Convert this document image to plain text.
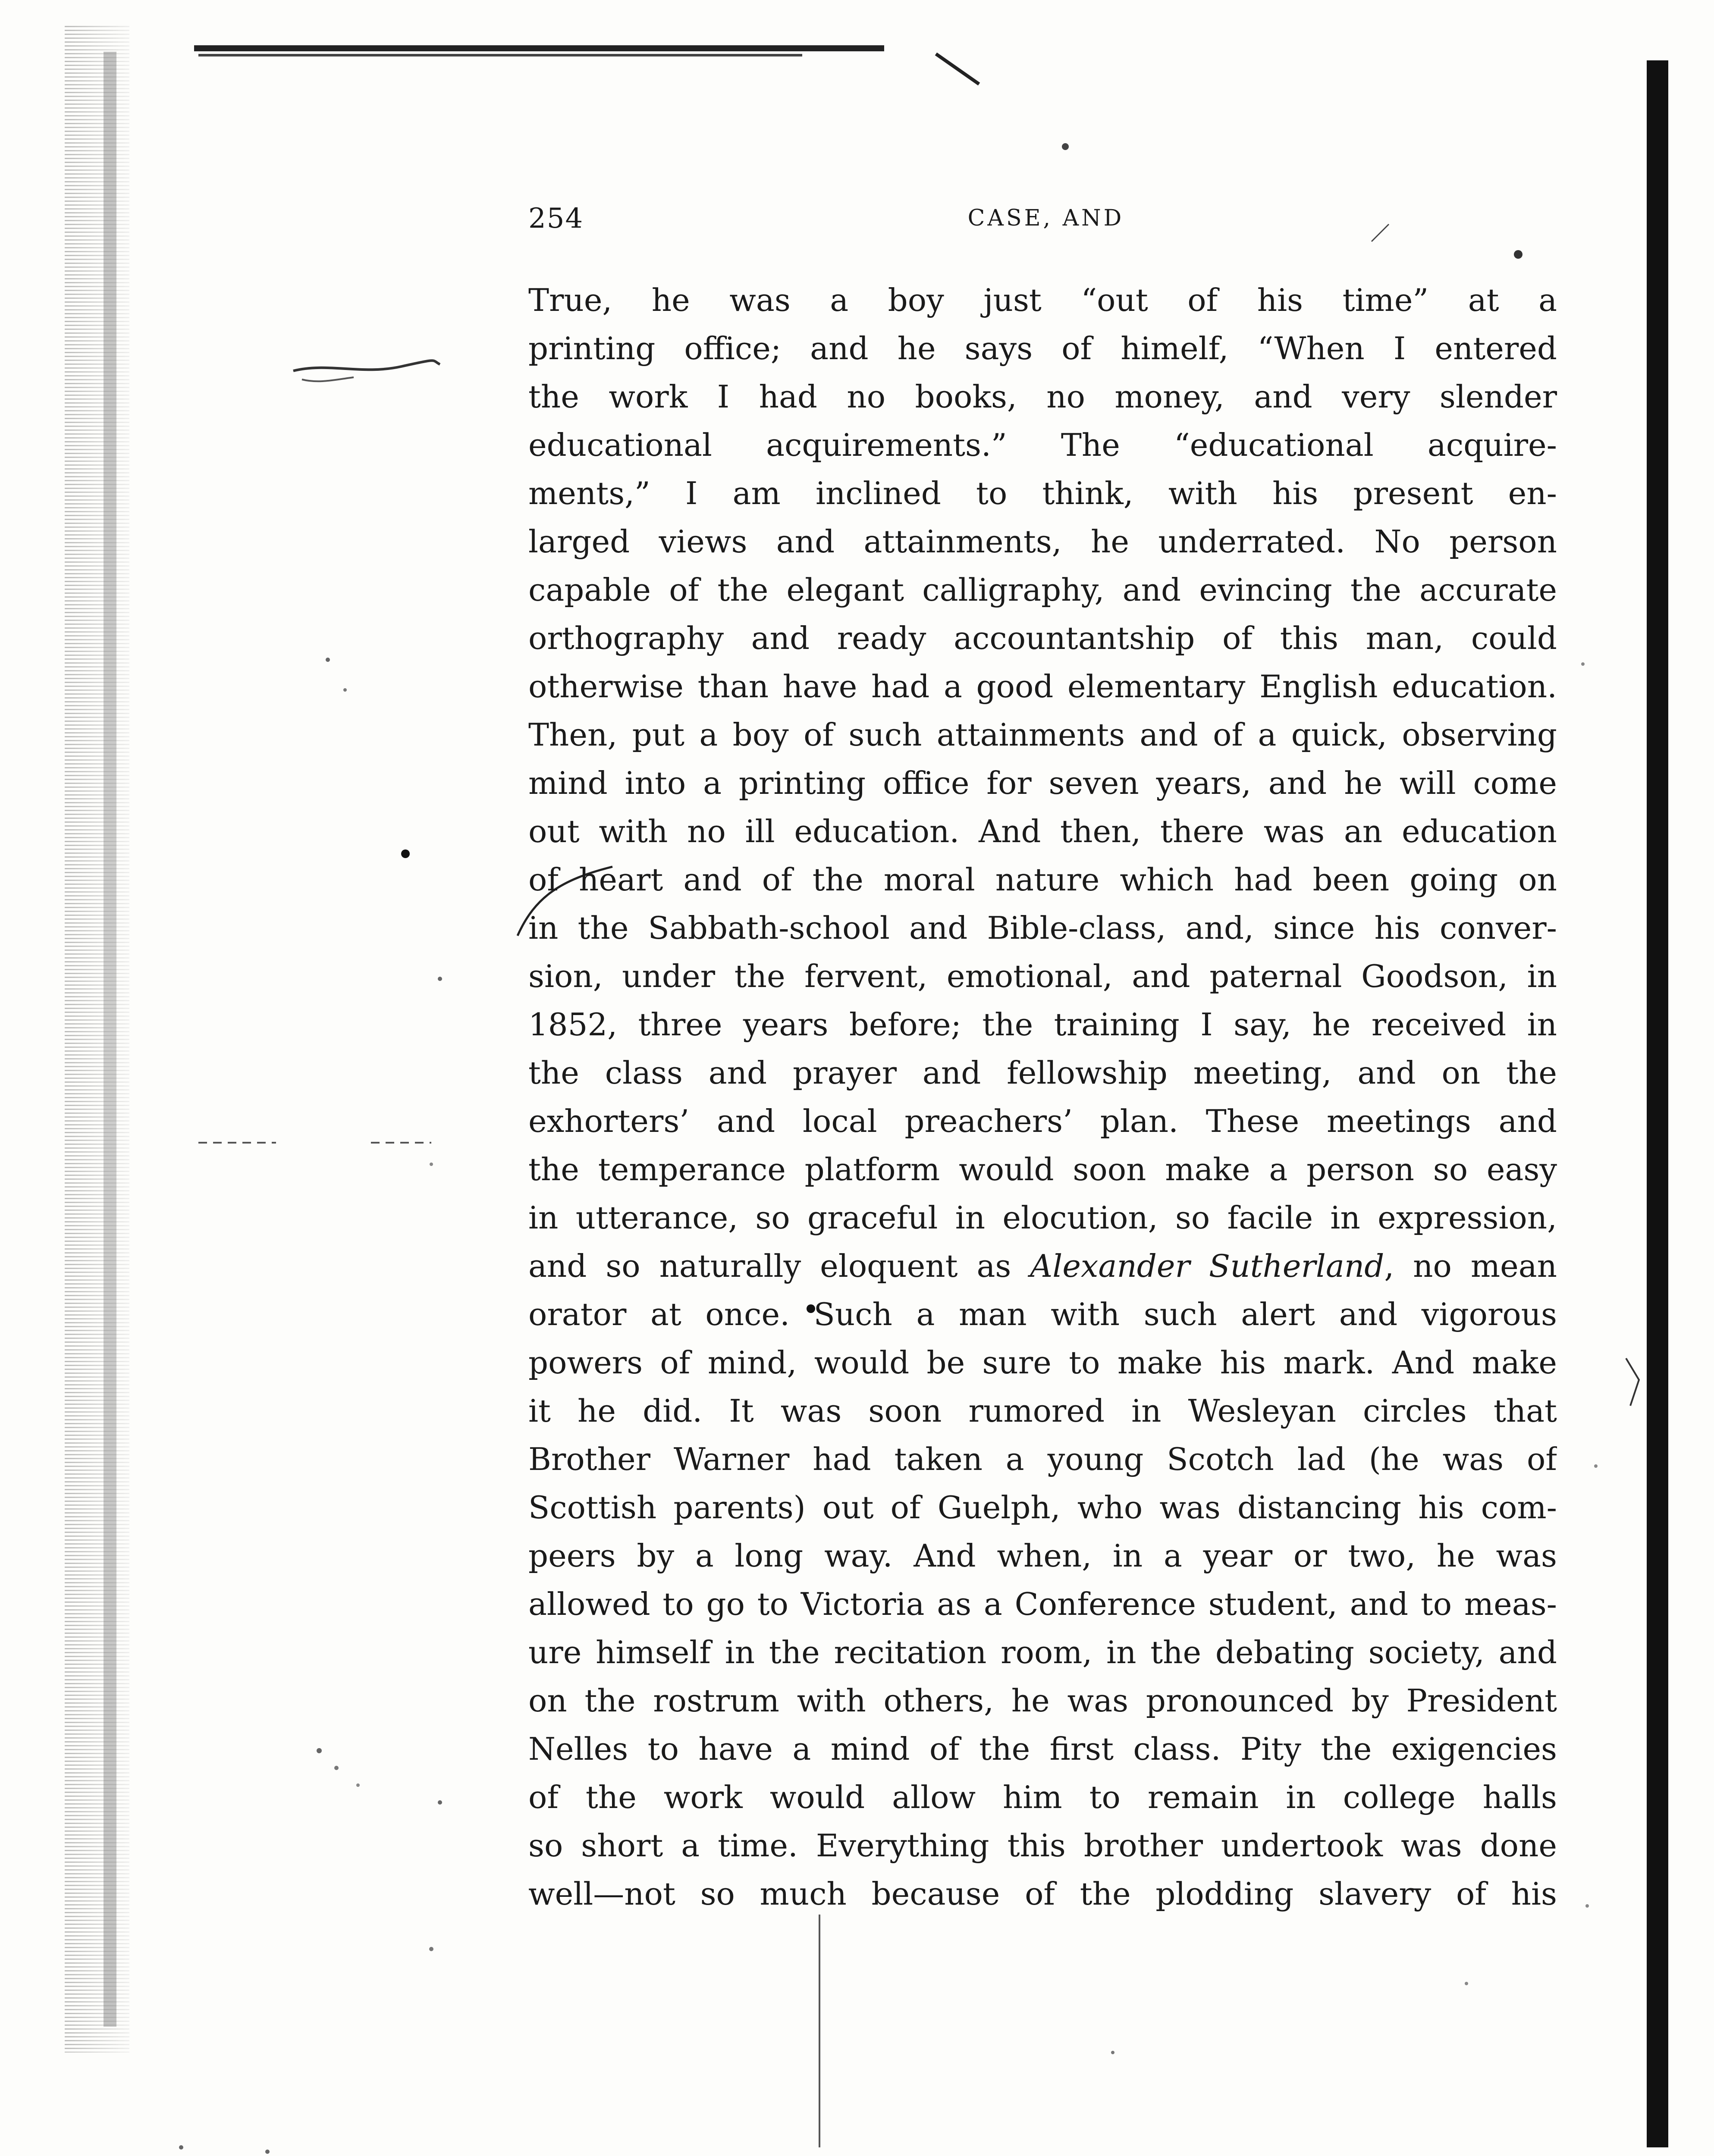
254	CASE, AND
True, he was a boy just “out of his time” at a
printing office; and he says of himelf, “When I entered
the work I had no books, no money, and very slender
educational acquirements.” The “educational acquire-
ments,” I am inclined to think, with his present en-
larged views and attainments, he underrated. No person
capable of the elegant calligraphy, and evincing the accurate
orthography and ready accountantship of this man, could
otherwise than have had a good elementary English education.
Then, put a boy of such attainments and of a quick, observing
mind into a printing office for seven years, and he will come
out with no ill education. And then, there was an education
of heart and of the moral nature which had been going on
in the Sabbath-school and Bible-class, and, since his conver-
sion, under the fervent, emotional, and paternal Goodson, in
1852, three years before; the training I say, he received in
the class and prayer and fellowship meeting, and on the
exhorters’ and local preachers’ plan. These meetings and
the temperance platform would soon make a person so easy
in utterance, so graceful in elocution, so facile in expression,
and so naturally eloquent as Alexander Sutherland, no mean
orator at once. Such a man with such alert and vigorous
powers of mind, would be sure to make his mark. And make
it he did. It was soon rumored in Wesleyan circles that
Brother Warner had taken a young Scotch lad (he was of
Scottish parents) out of Guelph, who was distancing his com-
peers by a long way. And when, in a year or two, he was
allowed to go to Victoria as a Conference student, and to meas-
ure himself in the recitation room, in the debating society, and
on the rostrum with others, he was pronounced by President
Nelles to have a mind of the first class. Pity the exigencies
of the work would allow him to remain in college halls
so short a time. Everything this brother undertook was done
well—not so much because of the plodding slavery of his
